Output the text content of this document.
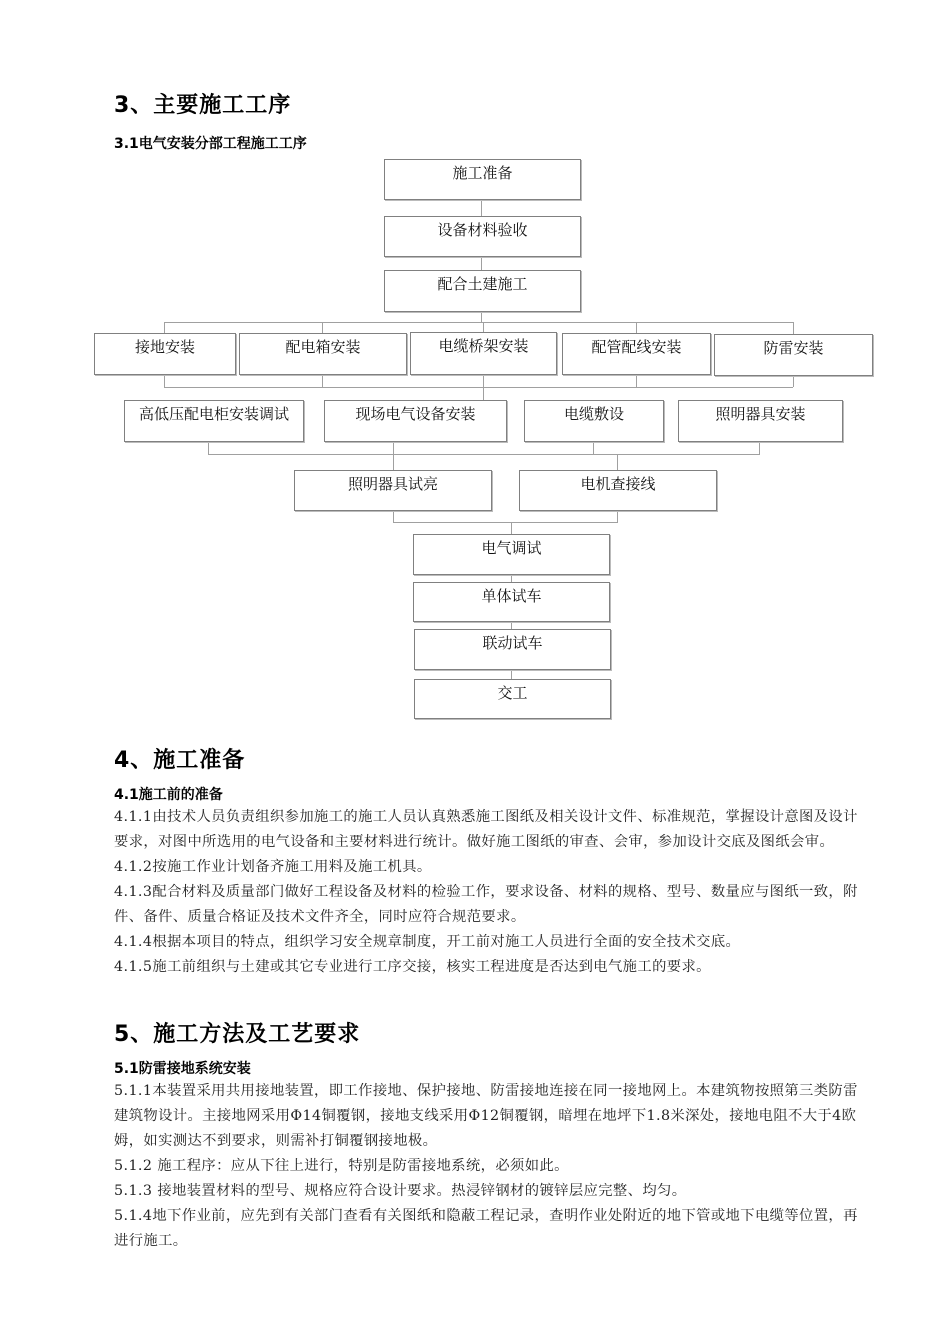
3、主要施工工序
3.1电气安装分部工程施工工序
施工准备
设备材料验收
配合土建施工
接地安装	配电箱安装	电缆桥架安装	配管配线安装	防雷安装
高低压配电柜安装调试	现场电气设备安装	电缆敷设	照明器具安装
照明器具试亮	电机查接线
电气调试
单体试车
联动试车
交工
4、施工准备
4.1施工前的准备

4.1.1由技术人员负责组织参加施工的施工人员认真熟悉施工图纸及相关设计文件、标准规范，掌握设计意图及设计要求，对图中所选用的电气设备和主要材料进行统计。做好施工图纸的审查、会审，参加设计交底及图纸会审。

4.1.2按施工作业计划备齐施工用料及施工机具。

4.1.3配合材料及质量部门做好工程设备及材料的检验工作，要求设备、材料的规格、型号、数量应与图纸一致，附件、备件、质量合格证及技术文件齐全，同时应符合规范要求。

4.1.4根据本项目的特点，组织学习安全规章制度，开工前对施工人员进行全面的安全技术交底。

4.1.5施工前组织与土建或其它专业进行工序交接，核实工程进度是否达到电气施工的要求。

5、施工方法及工艺要求
5.1防雷接地系统安装

5.1.1本装置采用共用接地装置，即工作接地、保护接地、防雷接地连接在同一接地网上。本建筑物按照第三类防雷建筑物设计。主接地网采用Φ14铜覆钢，接地支线采用Φ12铜覆钢，暗埋在地坪下1.8米深处，接地电阻不大于4欧姆，如实测达不到要求，则需补打铜覆钢接地极。

5.1.2 施工程序：应从下往上进行，特别是防雷接地系统，必须如此。

5.1.3 接地装置材料的型号、规格应符合设计要求。热浸锌钢材的镀锌层应完整、均匀。

5.1.4地下作业前，应先到有关部门查看有关图纸和隐蔽工程记录，查明作业处附近的地下管或地下电缆等位置，再进行施工。
